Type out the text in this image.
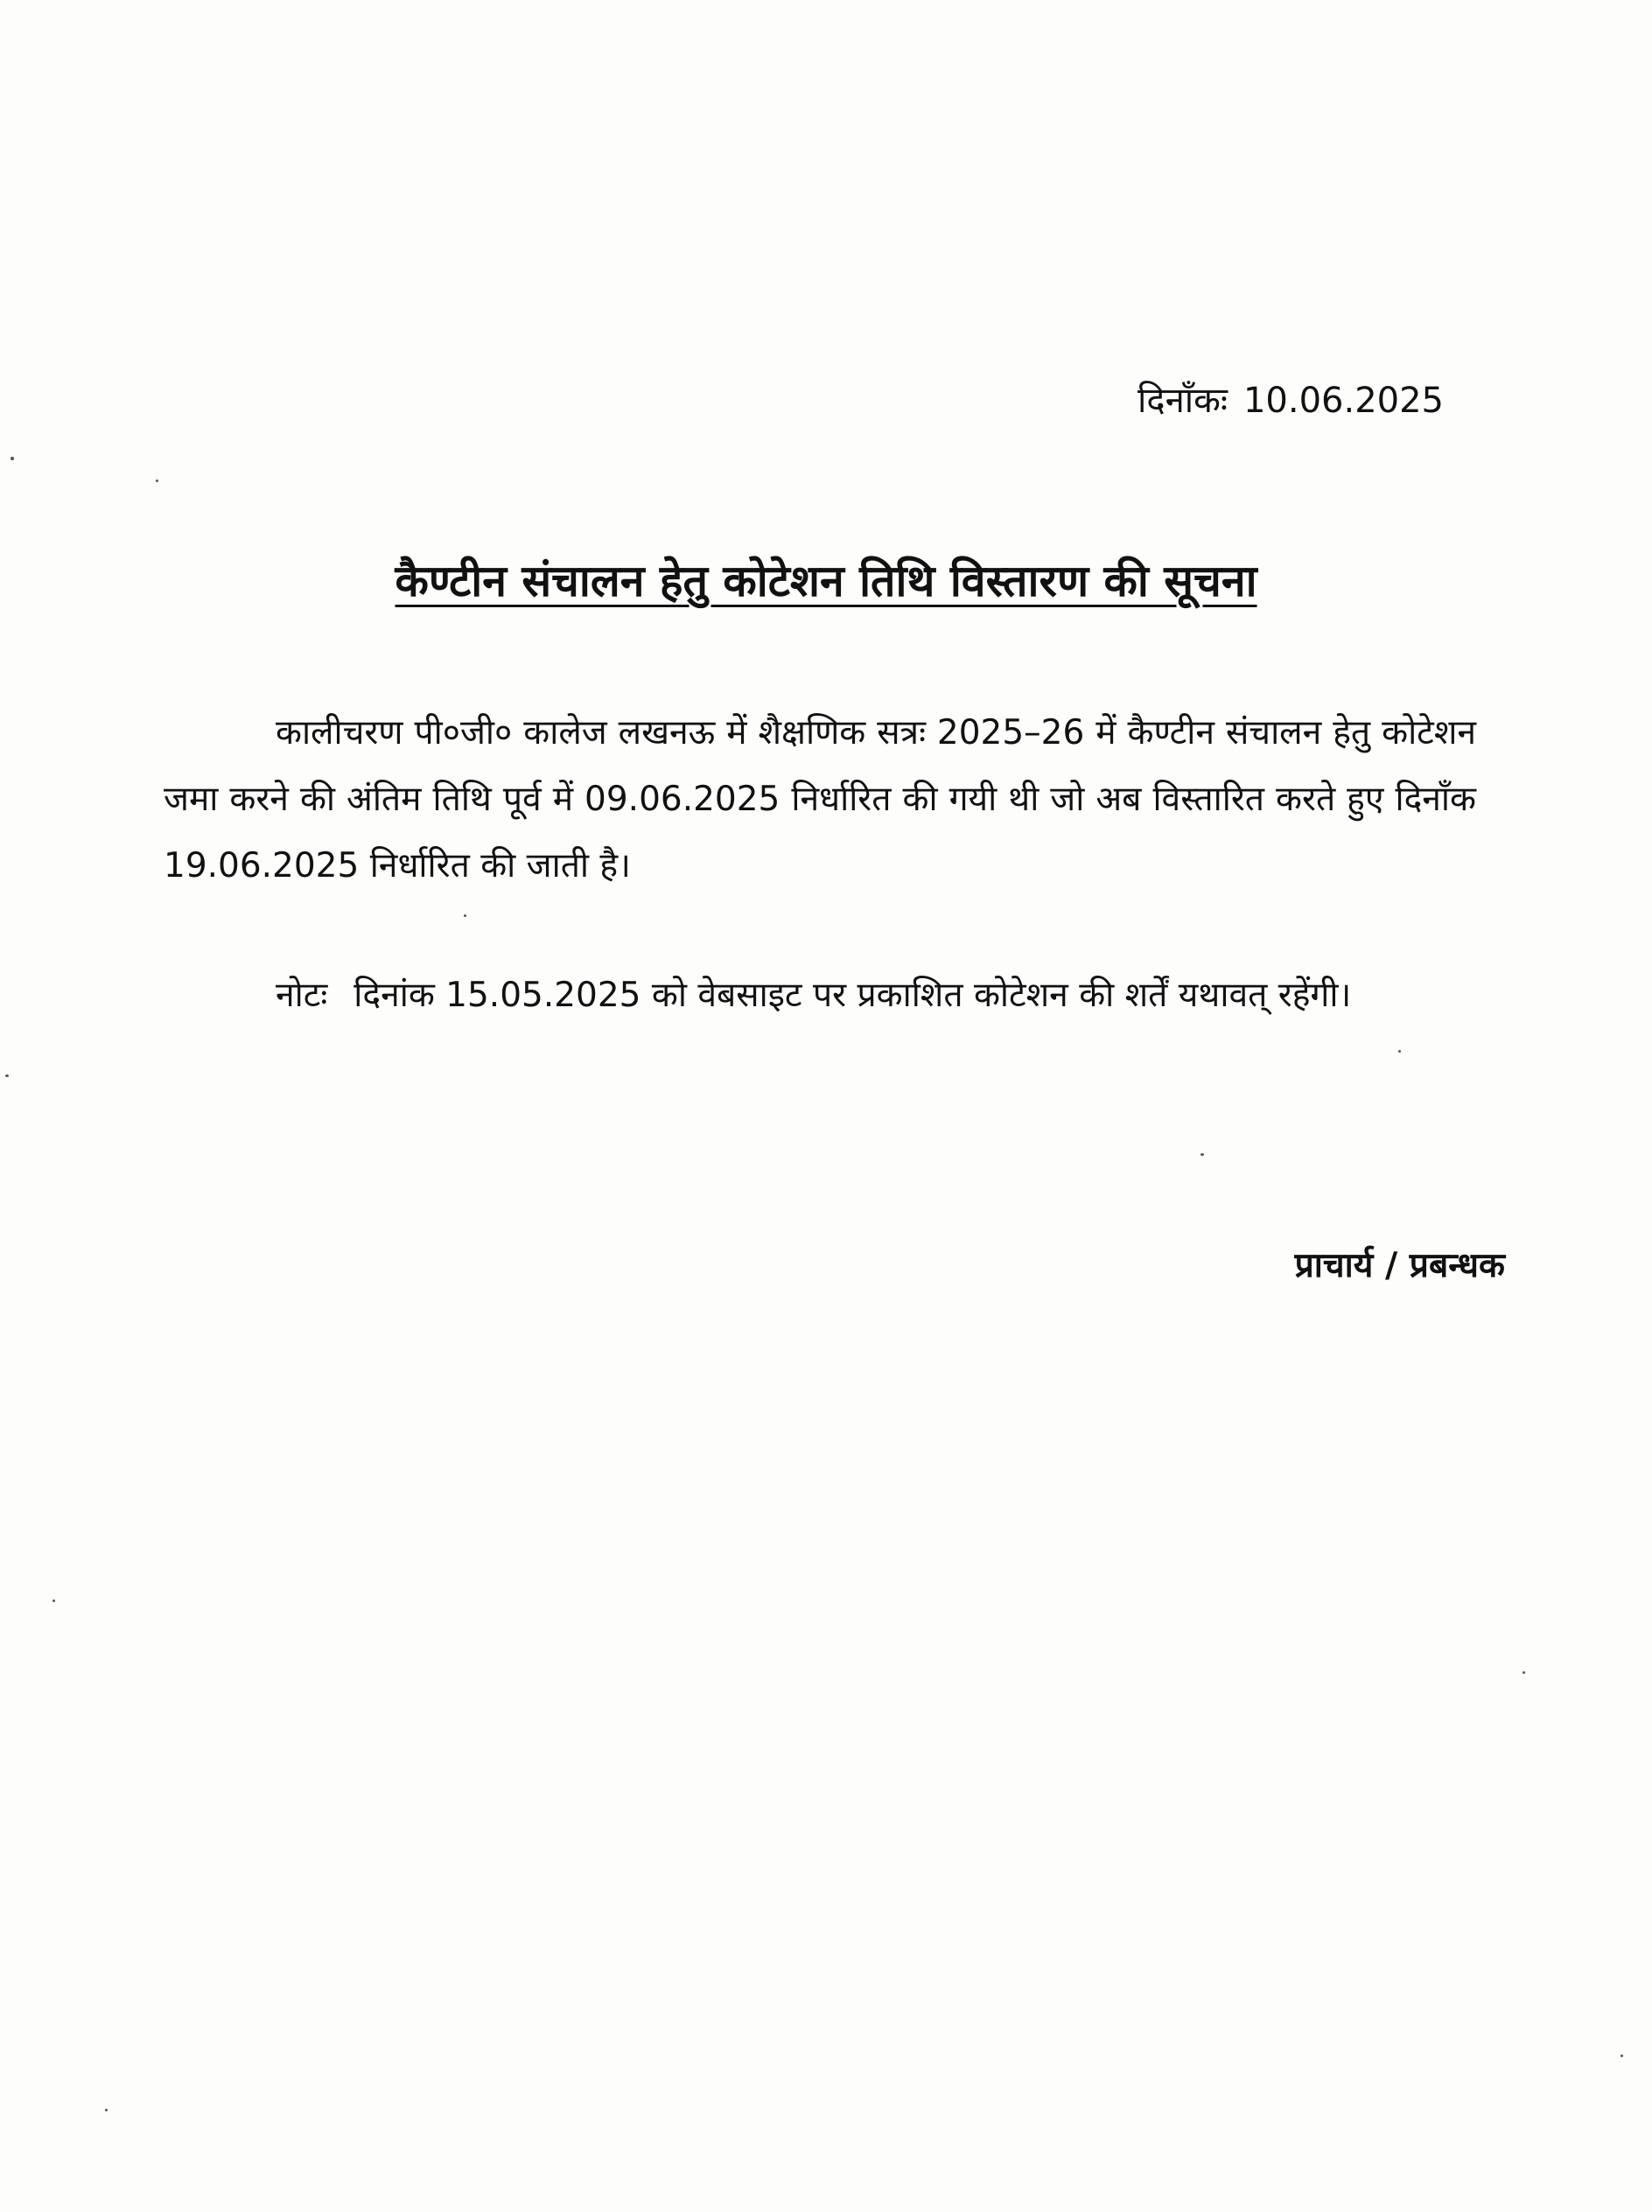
दिनाँकः 10.06.2025
कैण्टीन संचालन हेतु कोटेशन तिथि विस्तारण की सूचना
कालीचरण पी०जी० कालेज लखनऊ में शैक्षणिक सत्रः 2025–26 में कैण्टीन संचालन हेतु कोटेशन जमा करने की अंतिम तिथि पूर्व में 09.06.2025 निर्धारित की गयी थी जो अब विस्तारित करते हुए दिनाँक 19.06.2025 निर्धारित की जाती है।
नोटः दिनांक 15.05.2025 को वेबसाइट पर प्रकाशित कोटेशन की शर्तें यथावत् रहेंगी।
प्राचार्य / प्रबन्धक
